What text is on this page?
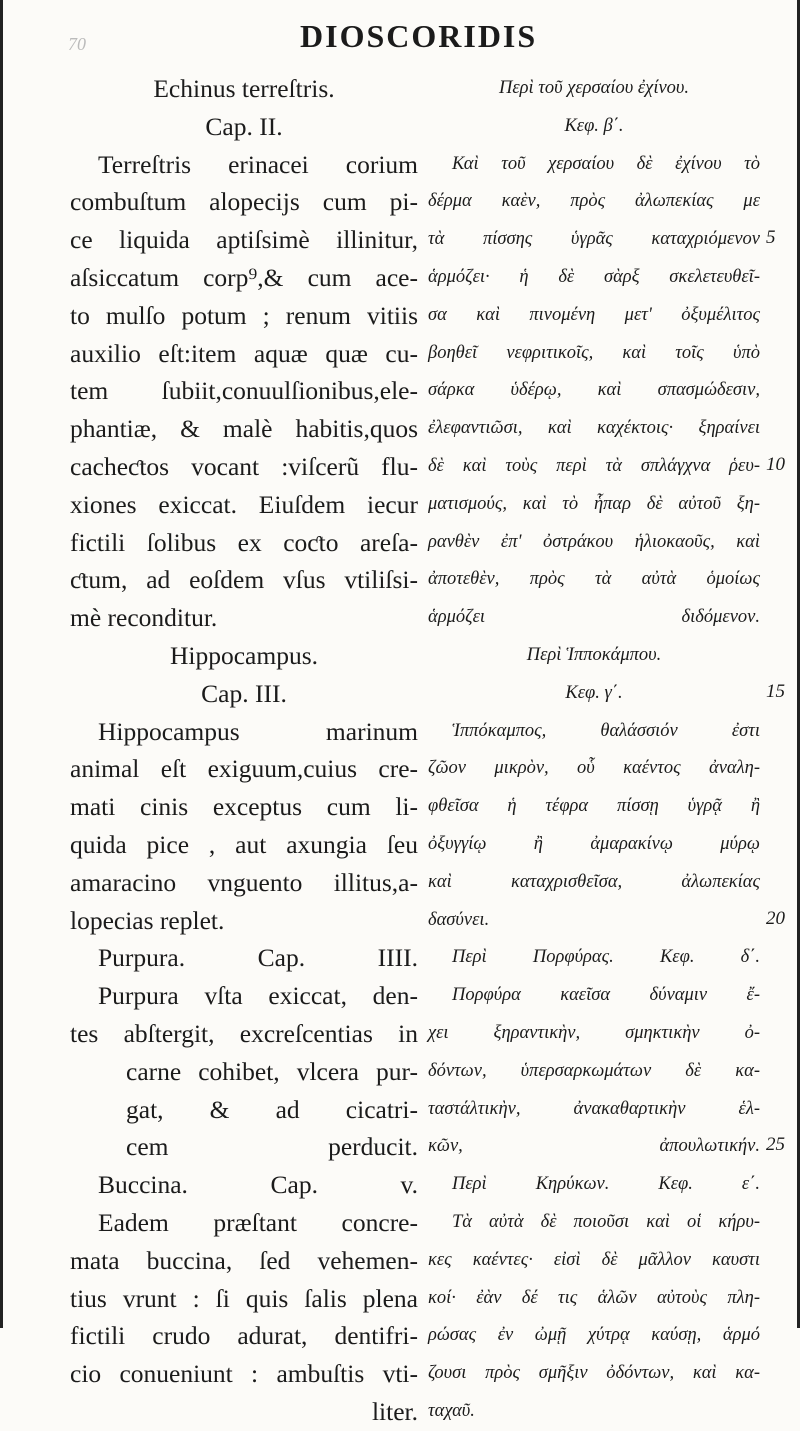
70	DIOSCORIDIS
Echinus terreſtris.
Cap. II.
Terreſtris erinacei corium
combuſtum alopecijs cum pi-
ce liquida aptiſsimè illinitur,
aſsiccatum corp⁹,& cum ace-
to mulſo potum ; renum vitiis
auxilio eſt:item aquæ quæ cu-
tem ſubiit,conuulſionibus,ele-
phantiæ, & malè habitis,quos
cacheƈtos vocant :viſcerũ flu-
xiones exiccat. Eiuſdem iecur
fictili ſolibus ex coƈto areſa-
ƈtum, ad eoſdem vſus vtiliſsi-
mè reconditur.
Hippocampus.
Cap. III.
Hippocampus marinum
animal eſt exiguum,cuius cre-
mati cinis exceptus cum li-
quida pice , aut axungia ſeu
amaracino vnguento illitus,a-
lopecias replet.
Purpura. Cap. IIII.
Purpura vſta exiccat, den-
tes abſtergit, excreſcentias in
carne cohibet, vlcera pur-
gat, & ad cicatri-
cem perducit.
Buccina. Cap. v.
Eadem præſtant concre-
mata buccina, ſed vehemen-
tius vrunt : ſi quis ſalis plena
fictili crudo adurat, dentifri-
cio conueniunt : ambuſtis vti-
liter.
Περὶ τοῦ χερσαίου ἐχίνου.
Κεφ. β΄.
Καὶ τοῦ χερσαίου δὲ ἐχίνου τὸ
δέρμα καὲν, πρὸς ἀλωπεκίας με
τὰ πίσσης ὑγρᾶς καταχριόμενον
ἁρμόζει· ἡ δὲ σὰρξ σκελετευθεῖ-
σα καὶ πινομένη μετ' ὀξυμέλιτος
βοηθεῖ νεφριτικοῖς, καὶ τοῖς ὑπὸ
σάρκα ὑδέρῳ, καὶ σπασμώδεσιν,
ἐλεφαντιῶσι, καὶ καχέκτοις· ξηραίνει
δὲ καὶ τοὺς περὶ τὰ σπλάγχνα ῥευ-
ματισμούς, καὶ τὸ ἧπαρ δὲ αὐτοῦ ξη-
ρανθὲν ἐπ' ὀστράκου ἡλιοκαοῦς, καὶ
ἀποτεθὲν, πρὸς τὰ αὐτὰ ὁμοίως
ἁρμόζει διδόμενον.
Περὶ Ἱπποκάμπου.
Κεφ. γ΄.
Ἱππόκαμπος, θαλάσσιόν ἐστι
ζῶον μικρὸν, οὗ καέντος ἀναλη-
φθεῖσα ἡ τέφρα πίσσῃ ὑγρᾷ ἢ
ὀξυγγίῳ ἢ ἀμαρακίνῳ μύρῳ
καὶ καταχρισθεῖσα, ἀλωπεκίας
δασύνει.
Περὶ Πορφύρας. Κεφ. δ΄.
Πορφύρα καεῖσα δύναμιν ἔ-
χει ξηραντικὴν, σμηκτικὴν ὀ-
δόντων, ὑπερσαρκωμάτων δὲ κα-
ταστάλτικὴν, ἀνακαθαρτικὴν ἑλ-
κῶν, ἀπουλωτικήν.
Περὶ Κηρύκων. Κεφ. ε΄.
Τὰ αὐτὰ δὲ ποιοῦσι καὶ οἱ κήρυ-
κες καέντες· εἰσὶ δὲ μᾶλλον καυστι
κοί· ἐὰν δέ τις ἁλῶν αὐτοὺς πλη-
ρώσας ἐν ὠμῇ χύτρᾳ καύσῃ, ἁρμό
ζουσι πρὸς σμῆξιν ὀδόντων, καὶ κα-
ταχαῦ.
5
10
15
20
25
